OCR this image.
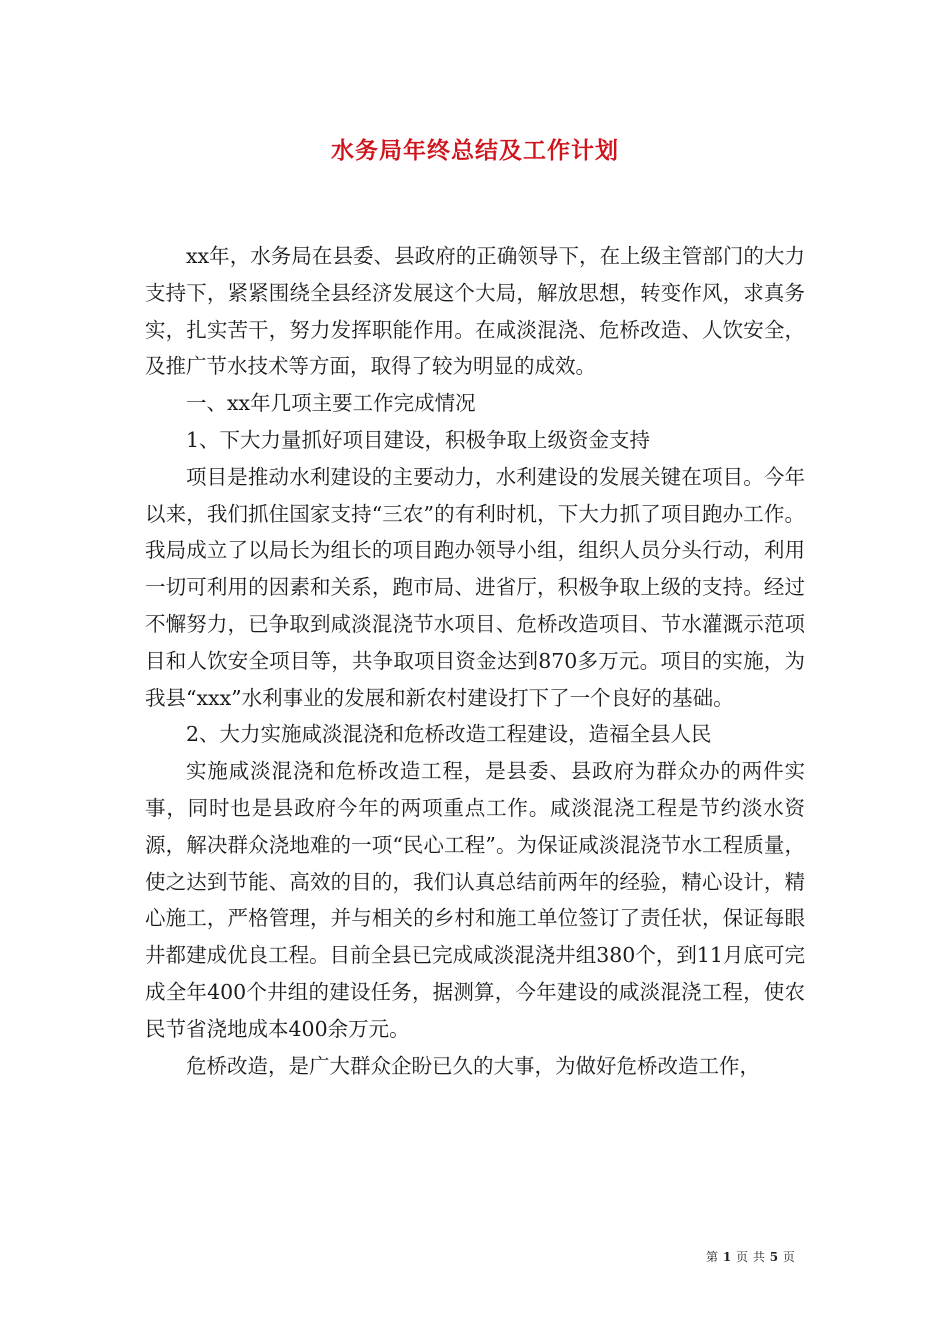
水务局年终总结及工作计划

xx年，水务局在县委、县政府的正确领导下，在上级主管部门的大力支持下，紧紧围绕全县经济发展这个大局，解放思想，转变作风，求真务实，扎实苦干，努力发挥职能作用。在咸淡混浇、危桥改造、人饮安全，及推广节水技术等方面，取得了较为明显的成效。

一、xx年几项主要工作完成情况

1、下大力量抓好项目建设，积极争取上级资金支持

项目是推动水利建设的主要动力，水利建设的发展关键在项目。今年以来，我们抓住国家支持“三农”的有利时机，下大力抓了项目跑办工作。我局成立了以局长为组长的项目跑办领导小组，组织人员分头行动，利用一切可利用的因素和关系，跑市局、进省厅，积极争取上级的支持。经过不懈努力，已争取到咸淡混浇节水项目、危桥改造项目、节水灌溉示范项目和人饮安全项目等，共争取项目资金达到870多万元。项目的实施，为我县“xxx”水利事业的发展和新农村建设打下了一个良好的基础。

2、大力实施咸淡混浇和危桥改造工程建设，造福全县人民

实施咸淡混浇和危桥改造工程，是县委、县政府为群众办的两件实事，同时也是县政府今年的两项重点工作。咸淡混浇工程是节约淡水资源，解决群众浇地难的一项“民心工程”。为保证咸淡混浇节水工程质量，使之达到节能、高效的目的，我们认真总结前两年的经验，精心设计，精心施工，严格管理，并与相关的乡村和施工单位签订了责任状，保证每眼井都建成优良工程。目前全县已完成咸淡混浇井组380个，到11月底可完成全年400个井组的建设任务，据测算，今年建设的咸淡混浇工程，使农民节省浇地成本400余万元。

危桥改造，是广大群众企盼已久的大事，为做好危桥改造工作，

第 1 页 共 5 页
